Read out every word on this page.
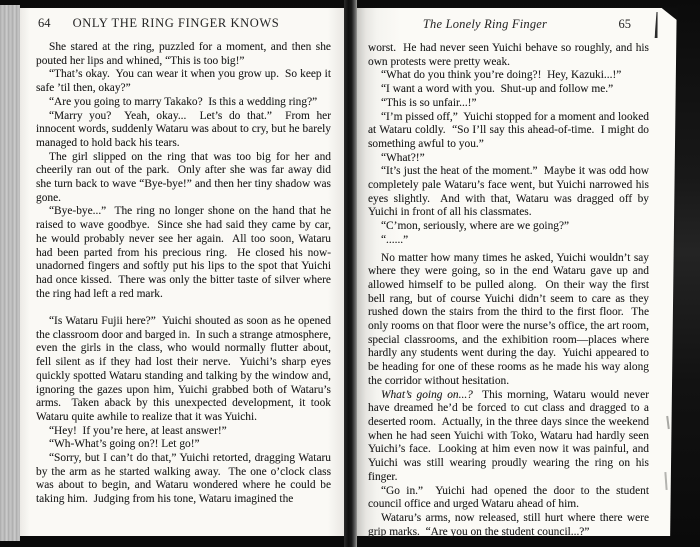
64	ONLY THE RING FINGER KNOWS

She stared at the ring, puzzled for a moment, and then she pouted her lips and whined, “This is too big!”

“That’s okay.  You can wear it when you grow up.  So keep it safe ’til then, okay?”

“Are you going to marry Takako?  Is this a wedding ring?”

“Marry you?  Yeah, okay...  Let’s do that.”  From her innocent words, suddenly Wataru was about to cry, but he barely managed to hold back his tears.

The girl slipped on the ring that was too big for her and cheerily ran out of the park.  Only after she was far away did she turn back to wave “Bye-bye!” and then her tiny shadow was gone.

“Bye-bye...”  The ring no longer shone on the hand that he raised to wave goodbye.  Since she had said they came by car, he would probably never see her again.  All too soon, Wataru had been parted from his precious ring.  He closed his now-unadorned fingers and softly put his lips to the spot that Yuichi had once kissed.  There was only the bitter taste of silver where the ring had left a red mark.

“Is Wataru Fujii here?”  Yuichi shouted as soon as he opened the classroom door and barged in.  In such a strange atmosphere, even the girls in the class, who would normally flutter about, fell silent as if they had lost their nerve.  Yuichi’s sharp eyes quickly spotted Wataru standing and talking by the window and, ignoring the gazes upon him, Yuichi grabbed both of Wataru’s arms.  Taken aback by this unexpected development, it took Wataru quite awhile to realize that it was Yuichi.

“Hey!  If you’re here, at least answer!”

“Wh-What’s going on?! Let go!”

“Sorry, but I can’t do that,” Yuichi retorted, dragging Wataru by the arm as he started walking away.  The one o’clock class was about to begin, and Wataru wondered where he could be taking him.  Judging from his tone, Wataru imagined the

The Lonely Ring Finger	65

worst.  He had never seen Yuichi behave so roughly, and his own protests were pretty weak.

“What do you think you’re doing?!  Hey, Kazuki...!”

“I want a word with you.  Shut-up and follow me.”

“This is so unfair...!”

“I’m pissed off,”  Yuichi stopped for a moment and looked at Wataru coldly.  “So I’ll say this ahead-of-time.  I might do something awful to you.”

“What?!”

“It’s just the heat of the moment.”  Maybe it was odd how completely pale Wataru’s face went, but Yuichi narrowed his eyes slightly.  And with that, Wataru was dragged off by Yuichi in front of all his classmates.

“C’mon, seriously, where are we going?”

“......”

No matter how many times he asked, Yuichi wouldn’t say where they were going, so in the end Wataru gave up and allowed himself to be pulled along.  On their way the first bell rang, but of course Yuichi didn’t seem to care as they rushed down the stairs from the third to the first floor.  The only rooms on that floor were the nurse’s office, the art room, special classrooms, and the exhibition room—places where hardly any students went during the day.  Yuichi appeared to be heading for one of these rooms as he made his way along the corridor without hesitation.

What’s going on...?  This morning, Wataru would never have dreamed he’d be forced to cut class and dragged to a deserted room.  Actually, in the three days since the weekend when he had seen Yuichi with Toko, Wataru had hardly seen Yuichi’s face.  Looking at him even now it was painful, and Yuichi was still wearing proudly wearing the ring on his finger.

“Go in.”  Yuichi had opened the door to the student council office and urged Wataru ahead of him.

Wataru’s arms, now released, still hurt where there were grip marks.  “Are you on the student council...?”
